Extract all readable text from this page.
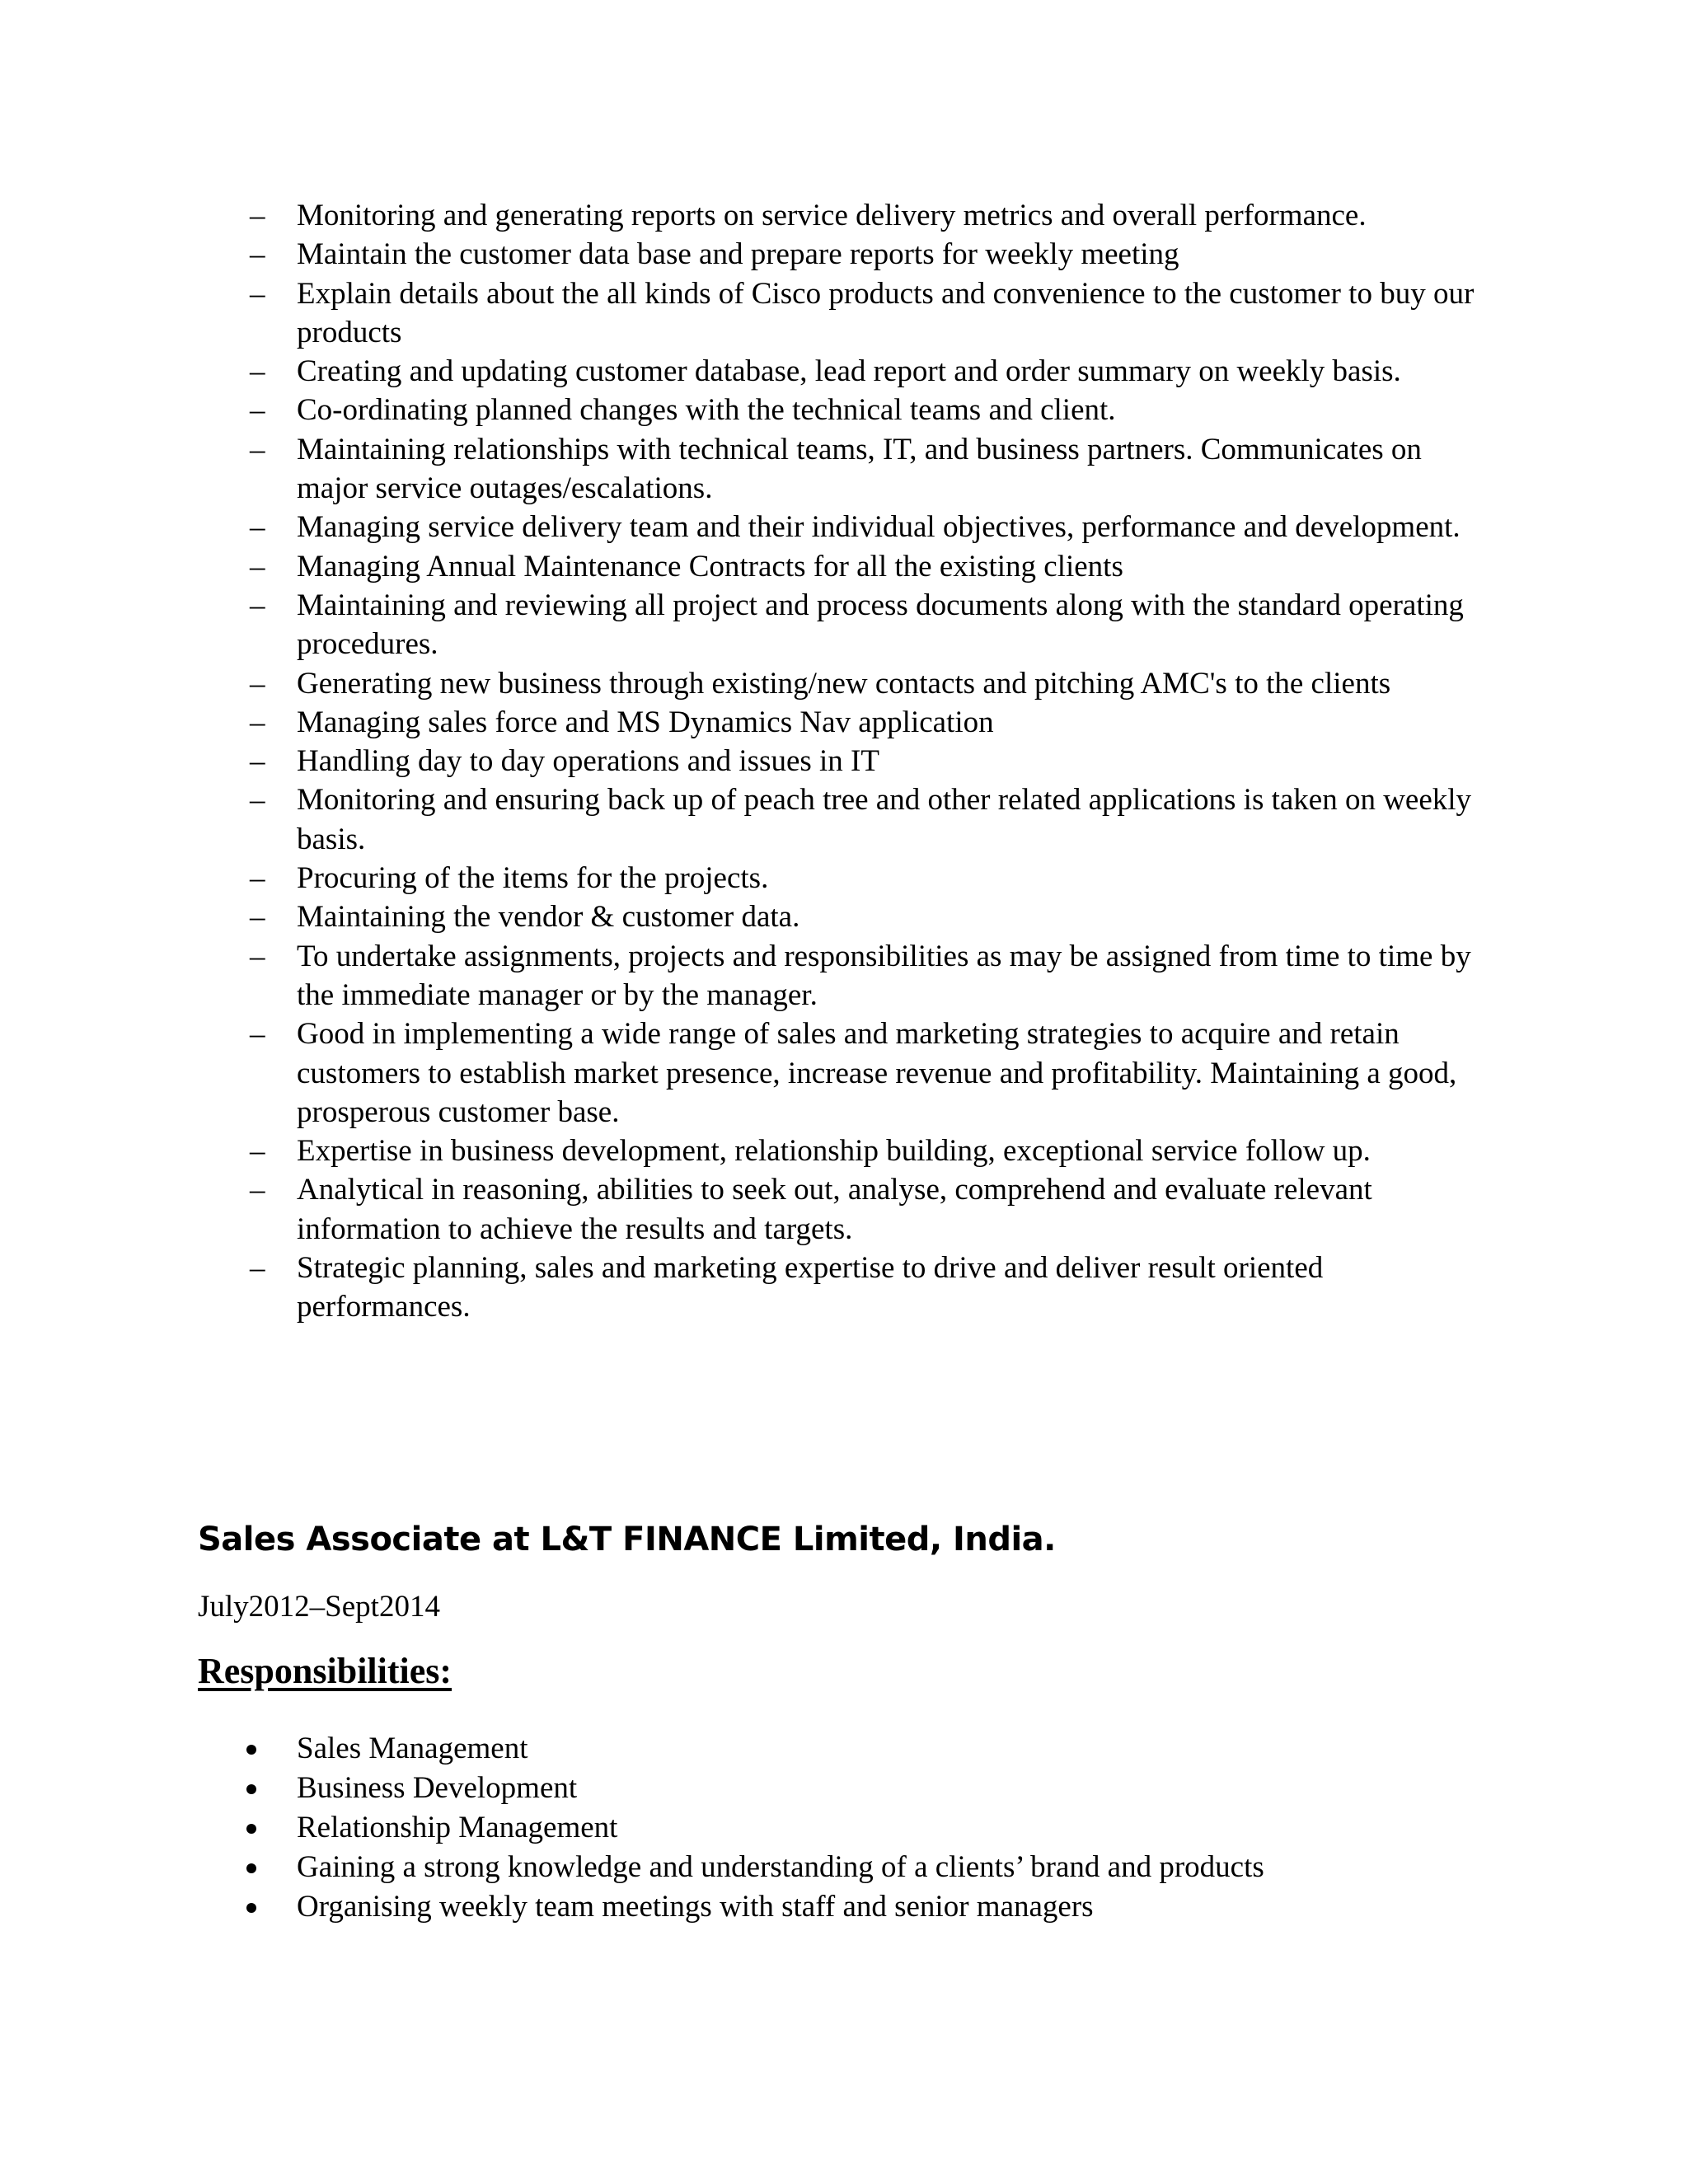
– Monitoring and generating reports on service delivery metrics and overall performance.
– Maintain the customer data base and prepare reports for weekly meeting
– Explain details about the all kinds of Cisco products and convenience to the customer to buy our products
– Creating and updating customer database, lead report and order summary on weekly basis.
– Co-ordinating planned changes with the technical teams and client.
– Maintaining relationships with technical teams, IT, and business partners. Communicates on major service outages/escalations.
– Managing service delivery team and their individual objectives, performance and development.
– Managing Annual Maintenance Contracts for all the existing clients
– Maintaining and reviewing all project and process documents along with the standard operating procedures.
– Generating new business through existing/new contacts and pitching AMC's to the clients
– Managing sales force and MS Dynamics Nav application
– Handling day to day operations and issues in IT
– Monitoring and ensuring back up of peach tree and other related applications is taken on weekly basis.
– Procuring of the items for the projects.
– Maintaining the vendor & customer data.
– To undertake assignments, projects and responsibilities as may be assigned from time to time by the immediate manager or by the manager.
– Good in implementing a wide range of sales and marketing strategies to acquire and retain customers to establish market presence, increase revenue and profitability. Maintaining a good, prosperous customer base.
– Expertise in business development, relationship building, exceptional service follow up.
– Analytical in reasoning, abilities to seek out, analyse, comprehend and evaluate relevant information to achieve the results and targets.
– Strategic planning, sales and marketing expertise to drive and deliver result oriented performances.
Sales Associate at L&T FINANCE Limited, India.

July2012–Sept2014

Responsibilities:
Sales Management
Business Development
Relationship Management
Gaining a strong knowledge and understanding of a clients’ brand and products
Organising weekly team meetings with staff and senior managers
